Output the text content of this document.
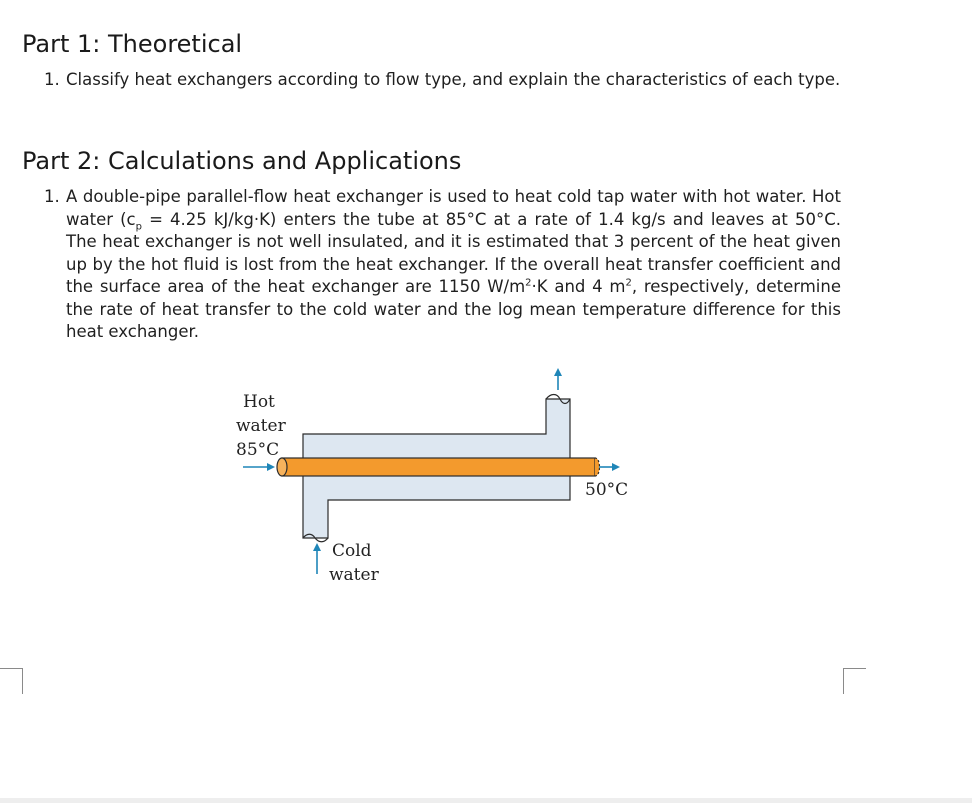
Part 1: Theoretical

1. Classify heat exchangers according to flow type, and explain the characteristics of each type.

Part 2: Calculations and Applications

1. A double-pipe parallel-flow heat exchanger is used to heat cold tap water with hot water. Hot water ($c_p = 4.25$ kJ/kg·K) enters the tube at 85°C at a rate of 1.4 kg/s and leaves at 50°C. The heat exchanger is not well insulated, and it is estimated that 3 percent of the heat given up by the hot fluid is lost from the heat exchanger. If the overall heat transfer coefficient and the surface area of the heat exchanger are 1150 $W/m^2\cdot K$ and 4 $m^2$, respectively, determine the rate of heat transfer to the cold water and the log mean temperature difference for this heat exchanger.

Hot
water
85°C
50°C
Cold
water
